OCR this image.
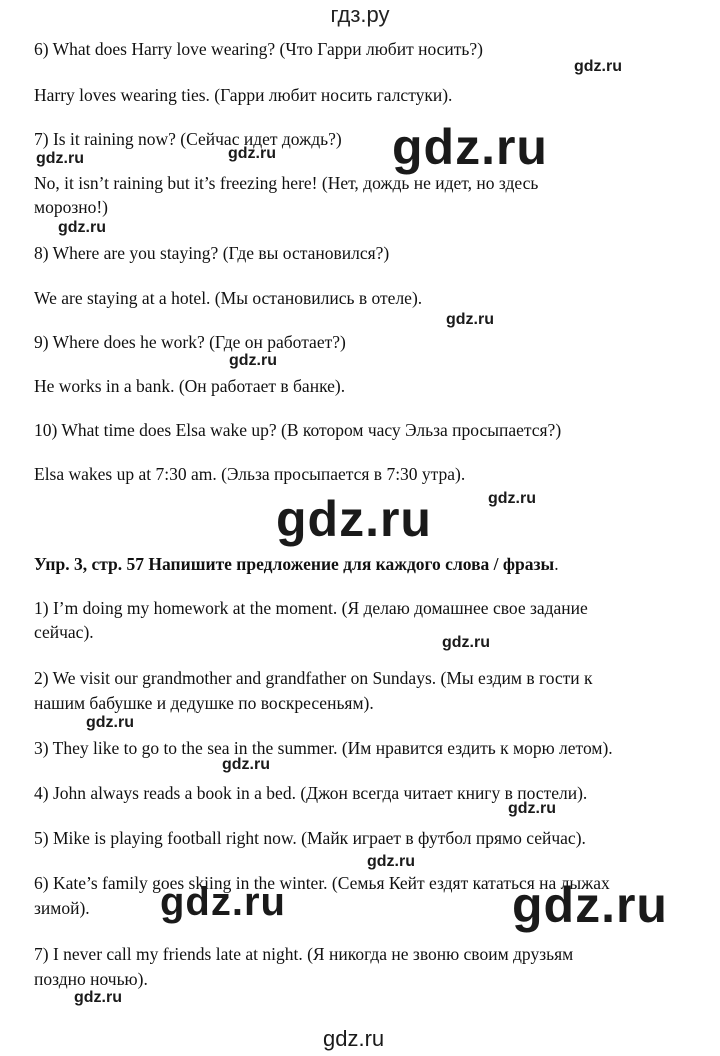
гдз.ру
6) What does Harry love wearing? (Что Гарри любит носить?)
Harry loves wearing ties. (Гарри любит носить галстуки).
7) Is it raining now? (Сейчас идет дождь?)
No, it isn’t raining but it’s freezing here! (Нет, дождь не идет, но здесь
морозно!)
8) Where are you staying? (Где вы остановился?)
We are staying at a hotel. (Мы остановились в отеле).
9) Where does he work? (Где он работает?)
He works in a bank. (Он работает в банке).
10) What time does Elsa wake up? (В котором часу Эльза просыпается?)
Elsa wakes up at 7:30 am. (Эльза просыпается в 7:30 утра).
Упр. 3, стр. 57 Напишите предложение для каждого слова / фразы.
1) I’m doing my homework at the moment. (Я делаю домашнее свое задание
сейчас).
2) We visit our grandmother and grandfather on Sundays. (Мы ездим в гости к
нашим бабушке и дедушке по воскресеньям).
3) They like to go to the sea in the summer. (Им нравится ездить к морю летом).
4) John always reads a book in a bed. (Джон всегда читает книгу в постели).
5) Mike is playing football right now. (Майк играет в футбол прямо сейчас).
6) Kate’s family goes skiing in the winter. (Семья Кейт ездят кататься на лыжах
зимой).
7) I never call my friends late at night. (Я никогда не звоню своим друзьям
поздно ночью).
gdz.ru
gdz.ru	gdz.ru gdz.ru
gdz.ru
gdz.ru
gdz.ru
gdz.ru
gdz.ru
gdz.ru
gdz.ru
gdz.ru
gdz.ru
gdz.ru
gdz.ru	gdz.ru
gdz.ru
gdz.ru
